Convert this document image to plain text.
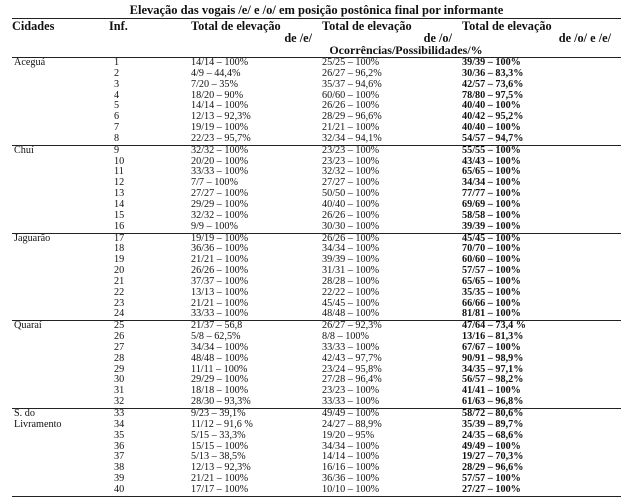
Elevação das vogais /e/ e /o/ em posição postônica final por informante
Cidades	Inf.	Total de elevação	Total de elevação	Total de elevação
		de /e/	de /o/	de /o/ e /e/
		Ocorrências/Possibilidades/%		
Aceguá	1	14/14 – 100%	25/25 – 100%	39/39 – 100%
	2	4/9 – 44,4%	26/27 – 96,2%	30/36 – 83,3%
	3	7/20 – 35%	35/37 – 94,6%	42/57 – 73,6%
	4	18/20 – 90%	60/60 – 100%	78/80 – 97,5%
	5	14/14 – 100%	26/26 – 100%	40/40 – 100%
	6	12/13 – 92,3%	28/29 – 96,6%	40/42 – 95,2%
	7	19/19 – 100%	21/21 – 100%	40/40 – 100%
	8	22/23 – 95,7%	32/34 – 94,1%	54/57 – 94,7%
Chuí	9	32/32 – 100%	23/23 – 100%	55/55 – 100%
	10	20/20 – 100%	23/23 – 100%	43/43 – 100%
	11	33/33 – 100%	32/32 – 100%	65/65 – 100%
	12	7/7 – 100%	27/27 – 100%	34/34 – 100%
	13	27/27 – 100%	50/50 – 100%	77/77 – 100%
	14	29/29 – 100%	40/40 – 100%	69/69 – 100%
	15	32/32 – 100%	26/26 – 100%	58/58 – 100%
	16	9/9 – 100%	30/30 – 100%	39/39 – 100%
Jaguarão	17	19/19 – 100%	26/26 – 100%	45/45 – 100%
	18	36/36 – 100%	34/34 – 100%	70/70 – 100%
	19	21/21 – 100%	39/39 – 100%	60/60 – 100%
	20	26/26 – 100%	31/31 – 100%	57/57 – 100%
	21	37/37 – 100%	28/28 – 100%	65/65 – 100%
	22	13/13 – 100%	22/22 – 100%	35/35 – 100%
	23	21/21 – 100%	45/45 – 100%	66/66 – 100%
	24	33/33 – 100%	48/48 – 100%	81/81 – 100%
Quaraí	25	21/37 – 56,8	26/27 – 92,3%	47/64 – 73,4 %
	26	5/8 – 62,5%	8/8 – 100%	13/16 – 81,3%
	27	34/34 – 100%	33/33 – 100%	67/67 – 100%
	28	48/48 – 100%	42/43 – 97,7%	90/91 – 98,9%
	29	11/11 – 100%	23/24 – 95,8%	34/35 – 97,1%
	30	29/29 – 100%	27/28 – 96,4%	56/57 – 98,2%
	31	18/18 – 100%	23/23 – 100%	41/41 – 100%
	32	28/30 – 93,3%	33/33 – 100%	61/63 – 96,8%
S. do	33	9/23 – 39,1%	49/49 – 100%	58/72 – 80,6%
Livramento	34	11/12 – 91,6 %	24/27 – 88,9%	35/39 – 89,7%
	35	5/15 – 33,3%	19/20 – 95%	24/35 – 68,6%
	36	15/15 – 100%	34/34 – 100%	49/49 – 100%
	37	5/13 – 38,5%	14/14 – 100%	19/27 – 70,3%
	38	12/13 – 92,3%	16/16 – 100%	28/29 – 96,6%
	39	21/21 – 100%	36/36 – 100%	57/57 – 100%
	40	17/17 – 100%	10/10 – 100%	27/27 – 100%
